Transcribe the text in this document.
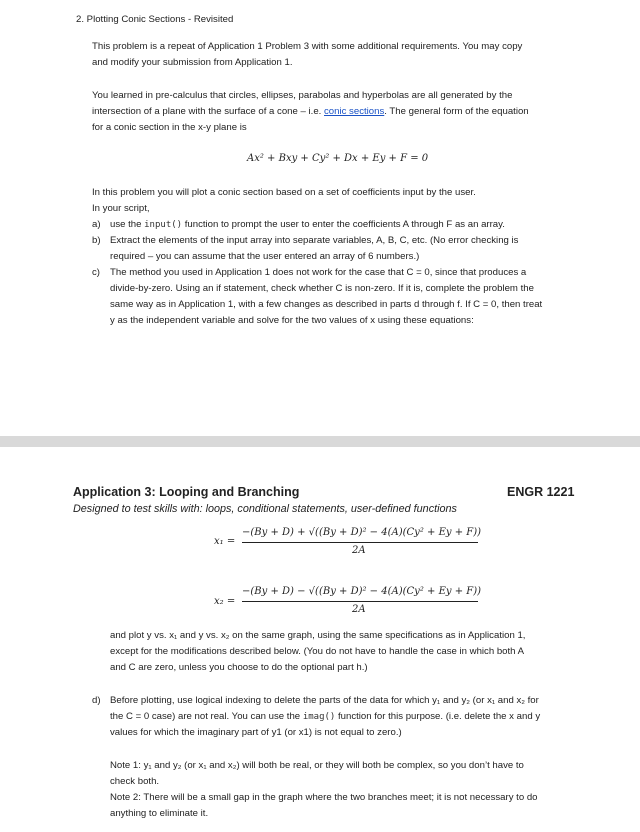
2. Plotting Conic Sections - Revisited
This problem is a repeat of Application 1 Problem 3 with some additional requirements. You may copy
and modify your submission from Application 1.
You learned in pre-calculus that circles, ellipses, parabolas and hyperbolas are all generated by the
intersection of a plane with the surface of a cone – i.e. conic sections. The general form of the equation
for a conic section in the x-y plane is
Ax² + Bxy + Cy² + Dx + Ey + F = 0
In this problem you will plot a conic section based on a set of coefficients input by the user.
In your script,
a) use the input() function to prompt the user to enter the coefficients A through F as an array.
b) Extract the elements of the input array into separate variables, A, B, C, etc. (No error checking is
required – you can assume that the user entered an array of 6 numbers.)
c) The method you used in Application 1 does not work for the case that C = 0, since that produces a
divide-by-zero. Using an if statement, check whether C is non-zero. If it is, complete the problem the
same way as in Application 1, with a few changes as described in parts d through f. If C = 0, then treat
y as the independent variable and solve for the two values of x using these equations:
Application 3: Looping and Branching	ENGR 1221
Designed to test skills with: loops, conditional statements, user-defined functions
x₁ =
−(By + D) + √((By + D)² − 4(A)(Cy² + Ey + F))
2A
x₂ =
−(By + D) − √((By + D)² − 4(A)(Cy² + Ey + F))
2A
and plot y vs. x₁ and y vs. x₂ on the same graph, using the same specifications as in Application 1,
except for the modifications described below. (You do not have to handle the case in which both A
and C are zero, unless you choose to do the optional part h.)
d) Before plotting, use logical indexing to delete the parts of the data for which y₁ and y₂ (or x₁ and x₂ for
the C = 0 case) are not real. You can use the imag() function for this purpose. (i.e. delete the x and y
values for which the imaginary part of y1 (or x1) is not equal to zero.)
Note 1: y₁ and y₂ (or x₁ and x₂) will both be real, or they will both be complex, so you don’t have to
check both.
Note 2: There will be a small gap in the graph where the two branches meet; it is not necessary to do
anything to eliminate it.
